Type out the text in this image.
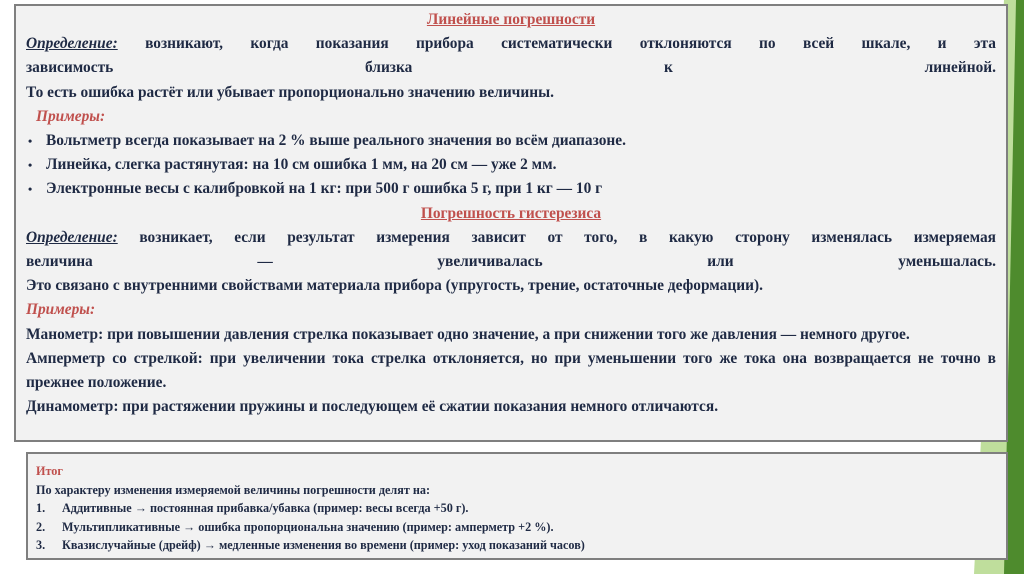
Линейные погрешности
Определение: возникают, когда показания прибора систематически отклоняются по всей шкале, и эта
зависимость близка к линейной.
То есть ошибка растёт или убывает пропорционально значению величины.
Примеры:
• Вольтметр всегда показывает на 2 % выше реального значения во всём диапазоне.
• Линейка, слегка растянутая: на 10 см ошибка 1 мм, на 20 см — уже 2 мм.
• Электронные весы с калибровкой на 1 кг: при 500 г ошибка 5 г, при 1 кг — 10 г
Погрешность гистерезиса
Определение: возникает, если результат измерения зависит от того, в какую сторону изменялась измеряемая
величина — увеличивалась или уменьшалась.
Это связано с внутренними свойствами материала прибора (упругость, трение, остаточные деформации).
Примеры:
Манометр: при повышении давления стрелка показывает одно значение, а при снижении того же давления — немного другое.
Амперметр со стрелкой: при увеличении тока стрелка отклоняется, но при уменьшении того же тока она возвращается не точно в прежнее положение.
Динамометр: при растяжении пружины и последующем её сжатии показания немного отличаются.
Итог
По характеру изменения измеряемой величины погрешности делят на:
1. Аддитивные → постоянная прибавка/убавка (пример: весы всегда +50 г).
2. Мультипликативные → ошибка пропорциональна значению (пример: амперметр +2 %).
3. Квазислучайные (дрейф) → медленные изменения во времени (пример: уход показаний часов)
